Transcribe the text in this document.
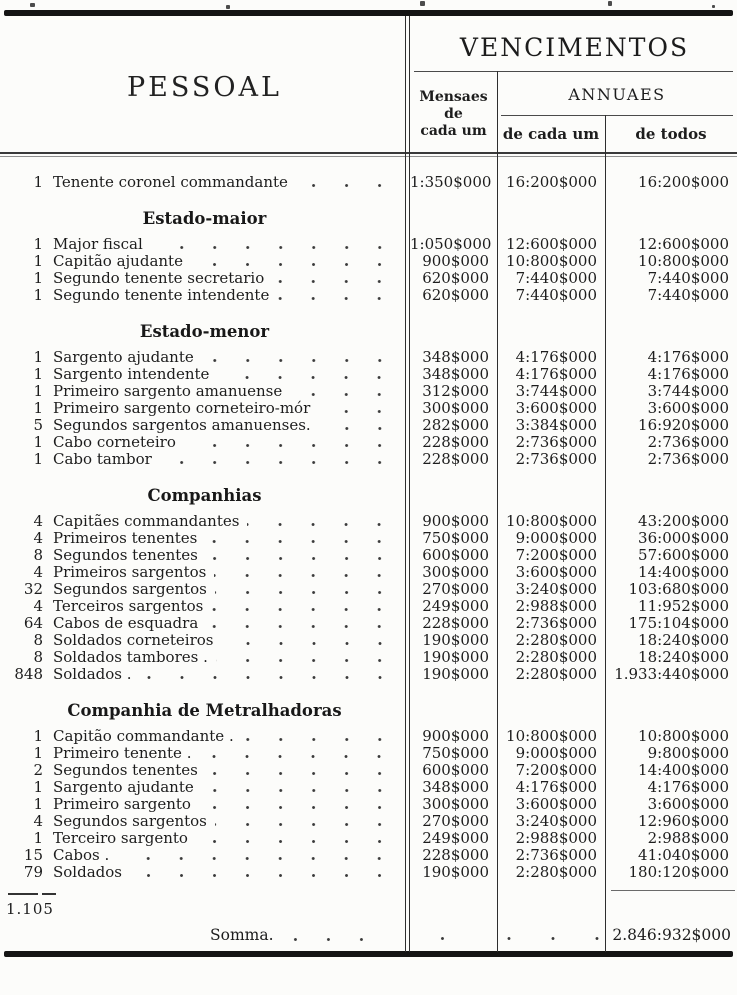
PESSOAL
VENCIMENTOS
Mensaes
de
cada um
ANNUAES
de cada um	de todos
1 Tenente coronel commandante	1:350$000 16:200$000	16:200$000
Estado-maior
1 Major fiscal	1:050$000 12:600$000	12:600$000
1 Capitão ajudante	900$000	10:800$000	10:800$000
1 Segundo tenente secretario	620$000	7:440$000	7:440$000
1 Segundo tenente intendente	620$000	7:440$000	7:440$000
Estado-menor
1 Sargento ajudante	348$000	4:176$000	4:176$000
1 Sargento intendente	348$000	4:176$000	4:176$000
1 Primeiro sargento amanuense	312$000	3:744$000	3:744$000
1 Primeiro sargento corneteiro-mór	300$000	3:600$000	3:600$000
5 Segundos sargentos amanuenses.	282$000	3:384$000	16:920$000
1 Cabo corneteiro	228$000	2:736$000	2:736$000
1 Cabo tambor	228$000	2:736$000	2:736$000
Companhias
4 Capitães commandantes	900$000	10:800$000	43:200$000
4 Primeiros tenentes	750$000	9:000$000	36:000$000
8 Segundos tenentes	600$000	7:200$000	57:600$000
4 Primeiros sargentos	300$000	3:600$000	14:400$000
32 Segundos sargentos	270$000	3:240$000	103:680$000
4 Terceiros sargentos	249$000	2:988$000	11:952$000
64 Cabos de esquadra	228$000	2:736$000	175:104$000
8 Soldados corneteiros	190$000	2:280$000	18:240$000
8 Soldados tambores .	190$000	2:280$000	18:240$000
848 Soldados .	190$000	2:280$000	1.933:440$000
Companhia de Metralhadoras
1 Capitão commandante .	900$000	10:800$000	10:800$000
1 Primeiro tenente .	750$000	9:000$000	9:800$000
2 Segundos tenentes	600$000	7:200$000	14:400$000
1 Sargento ajudante	348$000	4:176$000	4:176$000
1 Primeiro sargento	300$000	3:600$000	3:600$000
4 Segundos sargentos	270$000	3:240$000	12:960$000
1 Terceiro sargento	249$000	2:988$000	2:988$000
15 Cabos .	228$000	2:736$000	41:040$000
79 Soldados	190$000	2:280$000	180:120$000
1.105
Somma.	2.846:932$000
